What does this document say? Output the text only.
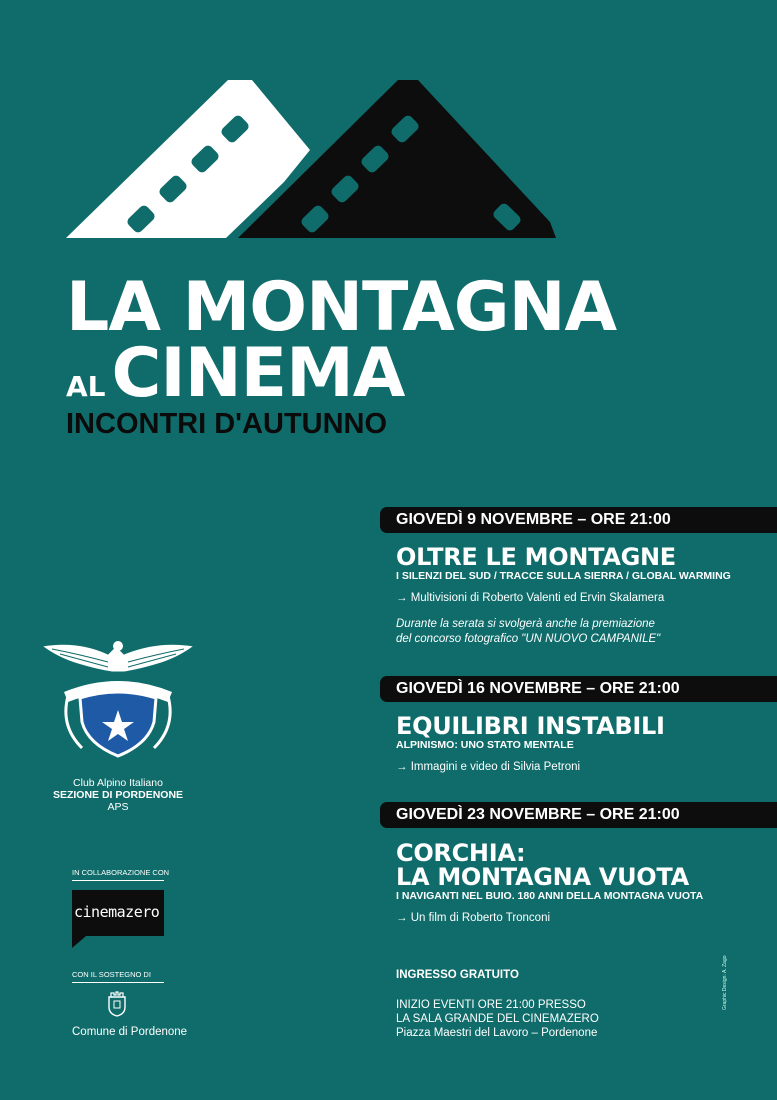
LA MONTAGNA
ALCINEMA
INCONTRI D'AUTUNNO
GIOVEDÌ 9 NOVEMBRE – ORE 21:00
OLTRE LE MONTAGNE
I SILENZI DEL SUD / TRACCE SULLA SIERRA / GLOBAL WARMING
→ Multivisioni di Roberto Valenti ed Ervin Skalamera
Durante la serata si svolgerà anche la premiazione
del concorso fotografico "UN NUOVO CAMPANILE"
GIOVEDÌ 16 NOVEMBRE – ORE 21:00
EQUILIBRI INSTABILI
ALPINISMO: UNO STATO MENTALE
→ Immagini e video di Silvia Petroni
GIOVEDÌ 23 NOVEMBRE – ORE 21:00
CORCHIA:
LA MONTAGNA VUOTA
I NAVIGANTI NEL BUIO. 180 ANNI DELLA MONTAGNA VUOTA
→ Un film di Roberto Tronconi
INGRESSO GRATUITO
INIZIO EVENTI ORE 21:00 PRESSO
LA SALA GRANDE DEL CINEMAZERO
Piazza Maestri del Lavoro – Pordenone
Club Alpino Italiano
SEZIONE DI PORDENONE
APS
IN COLLABORAZIONE CON
cinemazero
CON IL SOSTEGNO DI
Comune di Pordenone
Graphic Design: A. Zago
